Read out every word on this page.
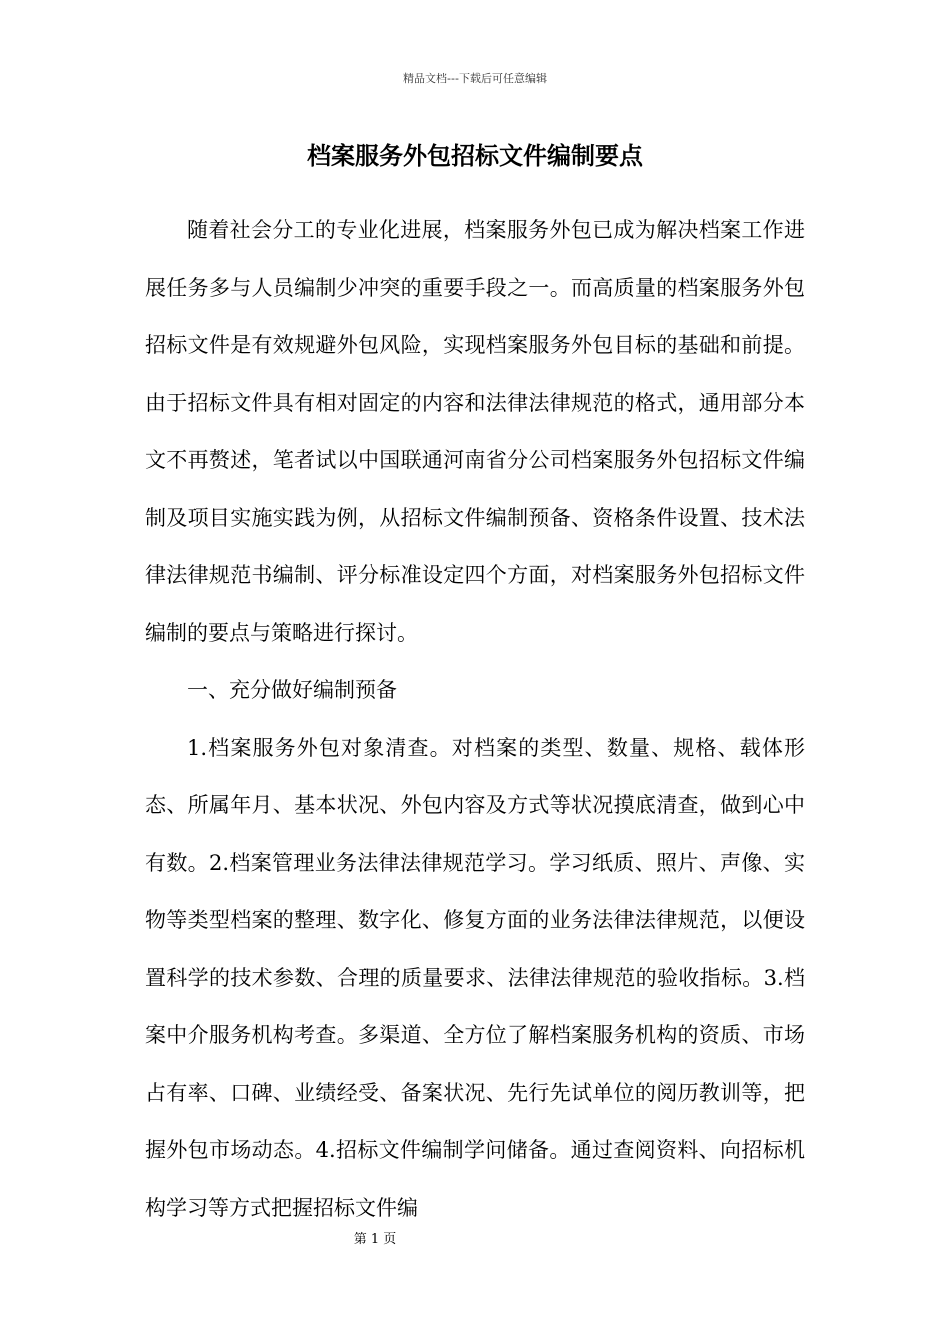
精品文档---下载后可任意编辑
档案服务外包招标文件编制要点

随着社会分工的专业化进展，档案服务外包已成为解决档案工作进展任务多与人员编制少冲突的重要手段之一。而高质量的档案服务外包招标文件是有效规避外包风险，实现档案服务外包目标的基础和前提。由于招标文件具有相对固定的内容和法律法律规范的格式，通用部分本文不再赘述，笔者试以中国联通河南省分公司档案服务外包招标文件编制及项目实施实践为例，从招标文件编制预备、资格条件设置、技术法律法律规范书编制、评分标准设定四个方面，对档案服务外包招标文件编制的要点与策略进行探讨。

一、充分做好编制预备

1.档案服务外包对象清查。对档案的类型、数量、规格、载体形态、所属年月、基本状况、外包内容及方式等状况摸底清查，做到心中有数。2.档案管理业务法律法律规范学习。学习纸质、照片、声像、实物等类型档案的整理、数字化、修复方面的业务法律法律规范，以便设置科学的技术参数、合理的质量要求、法律法律规范的验收指标。3.档案中介服务机构考查。多渠道、全方位了解档案服务机构的资质、市场占有率、口碑、业绩经受、备案状况、先行先试单位的阅历教训等，把握外包市场动态。4.招标文件编制学问储备。通过查阅资料、向招标机构学习等方式把握招标文件编

第 1 页
